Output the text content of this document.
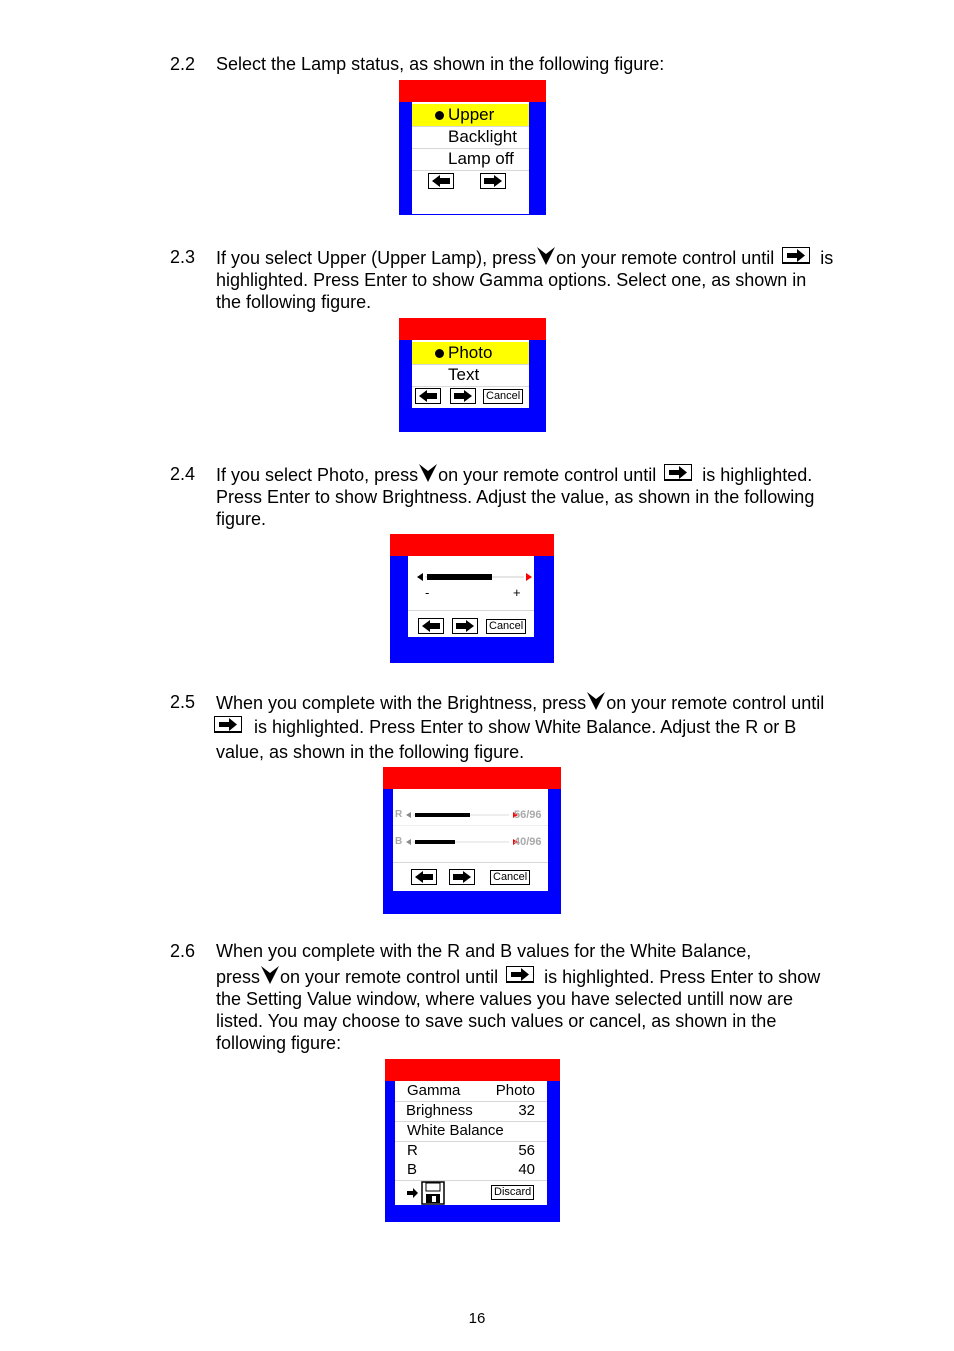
2.2 Select the Lamp status, as shown in the following figure:
Upper
Backlight
Lamp off
2.3 If you select Upper (Upper Lamp), press on your remote control until	is
highlighted. Press Enter to show Gamma options. Select one, as shown in
the following figure.
Photo
Text
Cancel
2.4 If you select Photo, press on your remote control until	is highlighted.
Press Enter to show Brightness. Adjust the value, as shown in the following
figure.
-	+
Cancel
2.5 When you complete with the Brightness, press on your remote control until
is highlighted. Press Enter to show White Balance. Adjust the R or B
value, as shown in the following figure.
R	56/96
B	40/96
Cancel
2.6 When you complete with the R and B values for the White Balance,
press on your remote control until	is highlighted. Press Enter to show
the Setting Value window, where values you have selected untill now are
listed. You may choose to save such values or cancel, as shown in the
following figure:
Gamma Photo
Brighness	32
White Balance
R	56
B	40
Discard
16
